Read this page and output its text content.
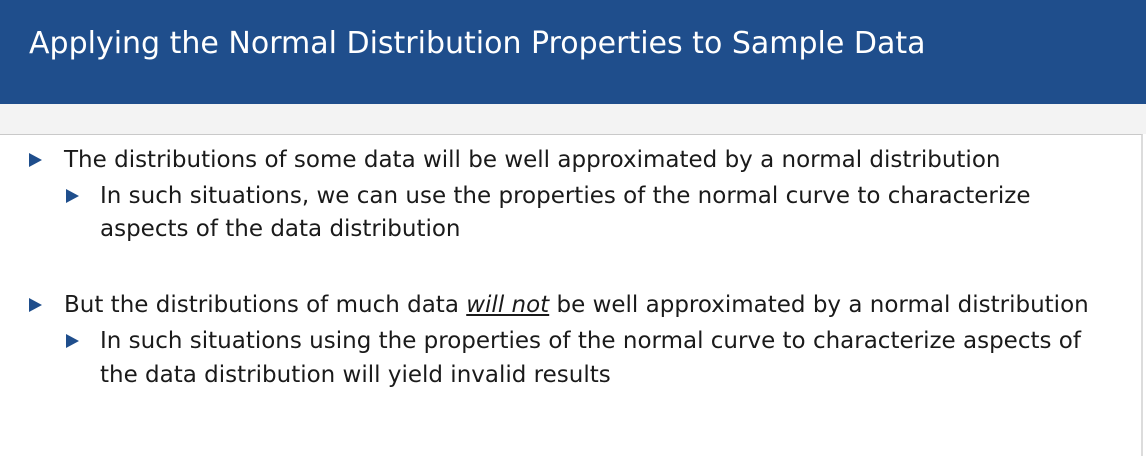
Applying the Normal Distribution Properties to Sample Data
The distributions of some data will be well approximated by a normal distribution
In such situations, we can use the properties of the normal curve to characterize
aspects of the data distribution
But the distributions of much data will not be well approximated by a normal distribution
In such situations using the properties of the normal curve to characterize aspects of
the data distribution will yield invalid results
